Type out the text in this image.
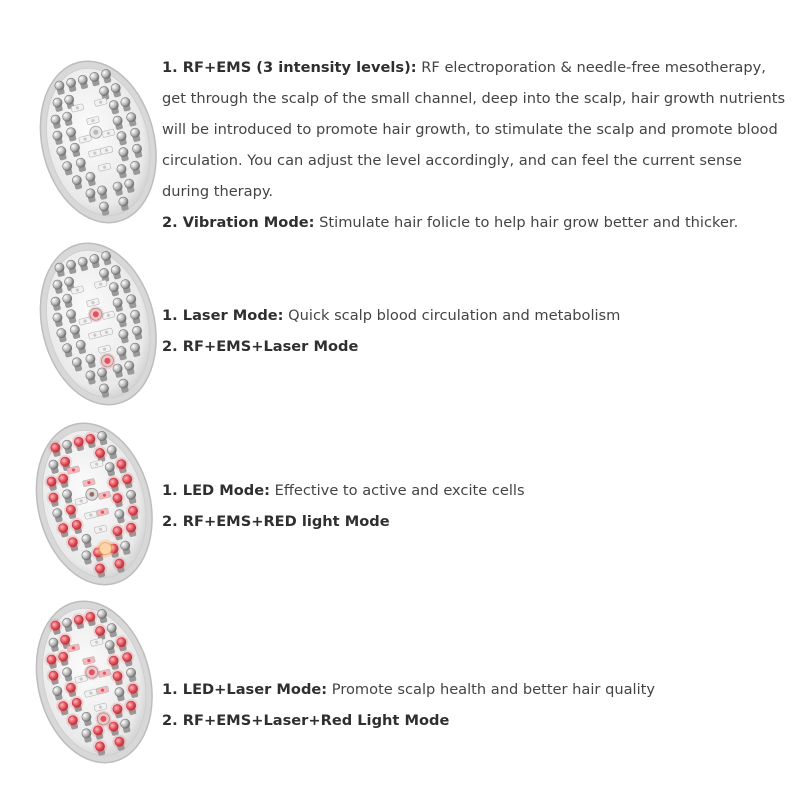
1. RF+EMS (3 intensity levels): RF electroporation & needle-free mesotherapy, get through the scalp of the small channel, deep into the scalp, hair growth nutrients will be introduced to promote hair growth, to stimulate the scalp and promote blood circulation. You can adjust the level accordingly, and can feel the current sense during therapy.

2. Vibration Mode: Stimulate hair folicle to help hair grow better and thicker.

1. Laser Mode: Quick scalp blood circulation and metabolism

2. RF+EMS+Laser Mode

1. LED Mode: Effective to active and excite cells

2. RF+EMS+RED light Mode

1. LED+Laser Mode: Promote scalp health and better hair quality

2. RF+EMS+Laser+Red Light Mode
